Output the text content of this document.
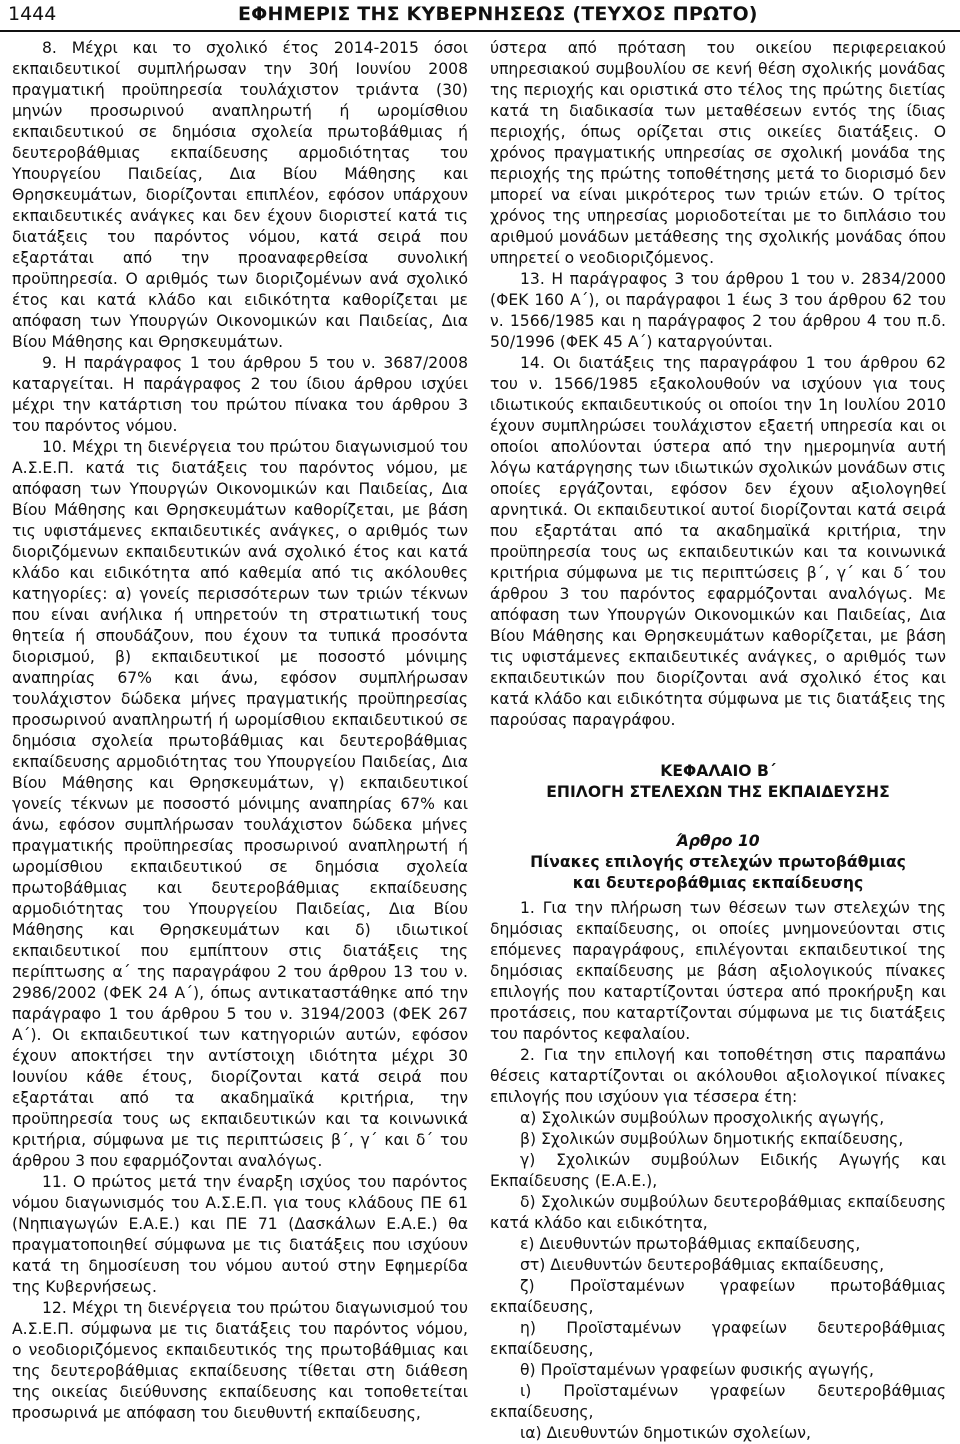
1444	ΕΦΗΜΕΡΙΣ ΤΗΣ ΚΥΒΕΡΝΗΣΕΩΣ (ΤΕΥΧΟΣ ΠΡΩΤΟ)

8. Μέχρι και το σχολικό έτος 2014-2015 όσοι εκπαιδευτικοί συμπλήρωσαν την 30ή Ιουνίου 2008 πραγματική προϋπηρεσία τουλάχιστον τριάντα (30) μηνών προσωρινού αναπληρωτή ή ωρομίσθιου εκπαιδευτικού σε δημόσια σχολεία πρωτοβάθμιας ή δευτεροβάθμιας εκπαίδευσης αρμοδιότητας του Υπουργείου Παιδείας, Δια Βίου Μάθησης και Θρησκευμάτων, διορίζονται επιπλέον, εφόσον υπάρχουν εκπαιδευτικές ανάγκες και δεν έχουν διοριστεί κατά τις διατάξεις του παρόντος νόμου, κατά σειρά που εξαρτάται από την προαναφερθείσα συνολική προϋπηρεσία. Ο αριθμός των διοριζομένων ανά σχολικό έτος και κατά κλάδο και ειδικότητα καθορίζεται με απόφαση των Υπουργών Οικονομικών και Παιδείας, Δια Βίου Μάθησης και Θρησκευμάτων.

9. Η παράγραφος 1 του άρθρου 5 του ν. 3687/2008 καταργείται. Η παράγραφος 2 του ίδιου άρθρου ισχύει μέχρι την κατάρτιση του πρώτου πίνακα του άρθρου 3 του παρόντος νόμου.

10. Μέχρι τη διενέργεια του πρώτου διαγωνισμού του Α.Σ.Ε.Π. κατά τις διατάξεις του παρόντος νόμου, με απόφαση των Υπουργών Οικονομικών και Παιδείας, Δια Βίου Μάθησης και Θρησκευμάτων καθορίζεται, με βάση τις υφιστάμενες εκπαιδευτικές ανάγκες, ο αριθμός των διοριζόμενων εκπαιδευτικών ανά σχολικό έτος και κατά κλάδο και ειδικότητα από καθεμία από τις ακόλουθες κατηγορίες: α) γονείς περισσότερων των τριών τέκνων που είναι ανήλικα ή υπηρετούν τη στρατιωτική τους θητεία ή σπουδάζουν, που έχουν τα τυπικά προσόντα διορισμού, β) εκπαιδευτικοί με ποσοστό μόνιμης αναπηρίας 67% και άνω, εφόσον συμπλήρωσαν τουλάχιστον δώδεκα μήνες πραγματικής προϋπηρεσίας προσωρινού αναπληρωτή ή ωρομίσθιου εκπαιδευτικού σε δημόσια σχολεία πρωτοβάθμιας και δευτεροβάθμιας εκπαίδευσης αρμοδιότητας του Υπουργείου Παιδείας, Δια Βίου Μάθησης και Θρησκευμάτων, γ) εκπαιδευτικοί γονείς τέκνων με ποσοστό μόνιμης αναπηρίας 67% και άνω, εφόσον συμπλήρωσαν τουλάχιστον δώδεκα μήνες πραγματικής προϋπηρεσίας προσωρινού αναπληρωτή ή ωρομίσθιου εκπαιδευτικού σε δημόσια σχολεία πρωτοβάθμιας και δευτεροβάθμιας εκπαίδευσης αρμοδιότητας του Υπουργείου Παιδείας, Δια Βίου Μάθησης και Θρησκευμάτων και δ) ιδιωτικοί εκπαιδευτικοί που εμπίπτουν στις διατάξεις της περίπτωσης α΄ της παραγράφου 2 του άρθρου 13 του ν. 2986/2002 (ΦΕΚ 24 Α΄), όπως αντικαταστάθηκε από την παράγραφο 1 του άρθρου 5 του ν. 3194/2003 (ΦΕΚ 267 Α΄). Οι εκπαιδευτικοί των κατηγοριών αυτών, εφόσον έχουν αποκτήσει την αντίστοιχη ιδιότητα μέχρι 30 Ιουνίου κάθε έτους, διορίζονται κατά σειρά που εξαρτάται από τα ακαδημαϊκά κριτήρια, την προϋπηρεσία τους ως εκπαιδευτικών και τα κοινωνικά κριτήρια, σύμφωνα με τις περιπτώσεις β΄, γ΄ και δ΄ του άρθρου 3 που εφαρμόζονται αναλόγως.

11. Ο πρώτος μετά την έναρξη ισχύος του παρόντος νόμου διαγωνισμός του Α.Σ.Ε.Π. για τους κλάδους ΠΕ 61 (Νηπιαγωγών Ε.Α.Ε.) και ΠΕ 71 (Δασκάλων Ε.Α.Ε.) θα πραγματοποιηθεί σύμφωνα με τις διατάξεις που ισχύουν κατά τη δημοσίευση του νόμου αυτού στην Εφημερίδα της Κυβερνήσεως.

12. Μέχρι τη διενέργεια του πρώτου διαγωνισμού του Α.Σ.Ε.Π. σύμφωνα με τις διατάξεις του παρόντος νόμου, ο νεοδιοριζόμενος εκπαιδευτικός της πρωτοβάθμιας και της δευτεροβάθμιας εκπαίδευσης τίθεται στη διάθεση της οικείας διεύθυνσης εκπαίδευσης και τοποθετείται προσωρινά με απόφαση του διευθυντή εκπαίδευσης,

ύστερα από πρόταση του οικείου περιφερειακού υπηρεσιακού συμβουλίου σε κενή θέση σχολικής μονάδας της περιοχής και οριστικά στο τέλος της πρώτης διετίας κατά τη διαδικασία των μεταθέσεων εντός της ίδιας περιοχής, όπως ορίζεται στις οικείες διατάξεις. Ο χρόνος πραγματικής υπηρεσίας σε σχολική μονάδα της περιοχής της πρώτης τοποθέτησης μετά το διορισμό δεν μπορεί να είναι μικρότερος των τριών ετών. Ο τρίτος χρόνος της υπηρεσίας μοριοδοτείται με το διπλάσιο του αριθμού μονάδων μετάθεσης της σχολικής μονάδας όπου υπηρετεί ο νεοδιοριζόμενος.

13. Η παράγραφος 3 του άρθρου 1 του ν. 2834/2000 (ΦΕΚ 160 Α΄), οι παράγραφοι 1 έως 3 του άρθρου 62 του ν. 1566/1985 και η παράγραφος 2 του άρθρου 4 του π.δ. 50/1996 (ΦΕΚ 45 Α΄) καταργούνται.

14. Οι διατάξεις της παραγράφου 1 του άρθρου 62 του ν. 1566/1985 εξακολουθούν να ισχύουν για τους ιδιωτικούς εκπαιδευτικούς οι οποίοι την 1η Ιουλίου 2010 έχουν συμπληρώσει τουλάχιστον εξαετή υπηρεσία και οι οποίοι απολύονται ύστερα από την ημερομηνία αυτή λόγω κατάργησης των ιδιωτικών σχολικών μονάδων στις οποίες εργάζονται, εφόσον δεν έχουν αξιολογηθεί αρνητικά. Οι εκπαιδευτικοί αυτοί διορίζονται κατά σειρά που εξαρτάται από τα ακαδημαϊκά κριτήρια, την προϋπηρεσία τους ως εκπαιδευτικών και τα κοινωνικά κριτήρια σύμφωνα με τις περιπτώσεις β΄, γ΄ και δ΄ του άρθρου 3 του παρόντος εφαρμόζονται αναλόγως. Με απόφαση των Υπουργών Οικονομικών και Παιδείας, Δια Βίου Μάθησης και Θρησκευμάτων καθορίζεται, με βάση τις υφιστάμενες εκπαιδευτικές ανάγκες, ο αριθμός των εκπαιδευτικών που διορίζονται ανά σχολικό έτος και κατά κλάδο και ειδικότητα σύμφωνα με τις διατάξεις της παρούσας παραγράφου.

ΚΕΦΑΛΑΙΟ Β΄

ΕΠΙΛΟΓΗ ΣΤΕΛΕΧΩΝ ΤΗΣ ΕΚΠΑΙΔΕΥΣΗΣ

Άρθρο 10

Πίνακες επιλογής στελεχών πρωτοβάθμιας

και δευτεροβάθμιας εκπαίδευσης

1. Για την πλήρωση των θέσεων των στελεχών της δημόσιας εκπαίδευσης, οι οποίες μνημονεύονται στις επόμενες παραγράφους, επιλέγονται εκπαιδευτικοί της δημόσιας εκπαίδευσης με βάση αξιολογικούς πίνακες επιλογής που καταρτίζονται ύστερα από προκήρυξη και προτάσεις, που καταρτίζονται σύμφωνα με τις διατάξεις του παρόντος κεφαλαίου.

2. Για την επιλογή και τοποθέτηση στις παραπάνω θέσεις καταρτίζονται οι ακόλουθοι αξιολογικοί πίνακες επιλογής που ισχύουν για τέσσερα έτη:

α) Σχολικών συμβούλων προσχολικής αγωγής,

β) Σχολικών συμβούλων δημοτικής εκπαίδευσης,

γ) Σχολικών συμβούλων Ειδικής Αγωγής και Εκπαίδευσης (Ε.Α.Ε.),

δ) Σχολικών συμβούλων δευτεροβάθμιας εκπαίδευσης κατά κλάδο και ειδικότητα,

ε) Διευθυντών πρωτοβάθμιας εκπαίδευσης,

στ) Διευθυντών δευτεροβάθμιας εκπαίδευσης,

ζ) Προϊσταμένων γραφείων πρωτοβάθμιας εκπαίδευσης,

η) Προϊσταμένων γραφείων δευτεροβάθμιας εκπαίδευσης,

θ) Προϊσταμένων γραφείων φυσικής αγωγής,

ι) Προϊσταμένων γραφείων δευτεροβάθμιας εκπαίδευσης,

ια) Διευθυντών δημοτικών σχολείων,
